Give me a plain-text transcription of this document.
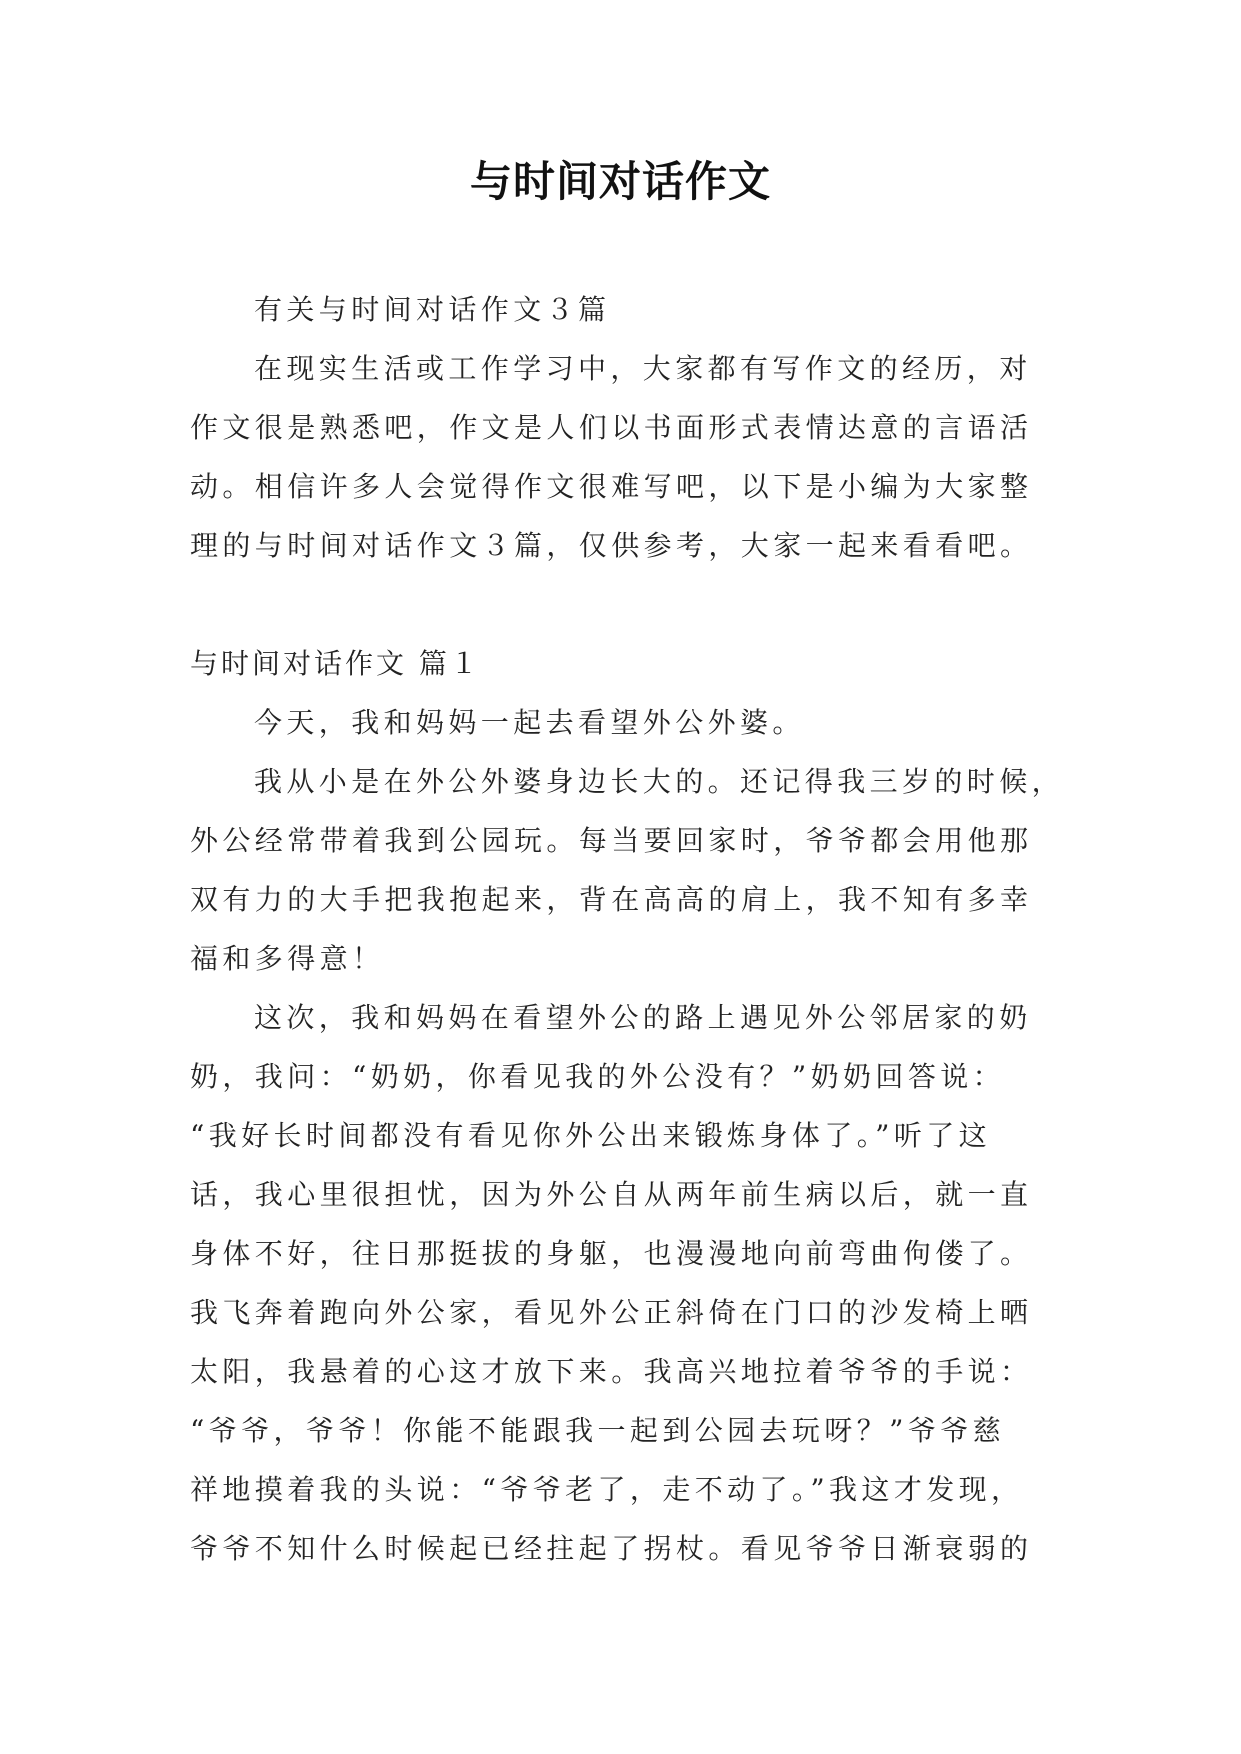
与时间对话作文

有关与时间对话作文３篇

在现实生活或工作学习中，大家都有写作文的经历，对
作文很是熟悉吧，作文是人们以书面形式表情达意的言语活
动。相信许多人会觉得作文很难写吧，以下是小编为大家整
理的与时间对话作文３篇，仅供参考，大家一起来看看吧。

与时间对话作文 篇１

今天，我和妈妈一起去看望外公外婆。

我从小是在外公外婆身边长大的。还记得我三岁的时候，
外公经常带着我到公园玩。每当要回家时，爷爷都会用他那
双有力的大手把我抱起来，背在高高的肩上，我不知有多幸
福和多得意！

这次，我和妈妈在看望外公的路上遇见外公邻居家的奶
奶，我问：“奶奶，你看见我的外公没有？”奶奶回答说：
“我好长时间都没有看见你外公出来锻炼身体了。”听了这
话，我心里很担忧，因为外公自从两年前生病以后，就一直
身体不好，往日那挺拔的身躯，也漫漫地向前弯曲佝偻了。
我飞奔着跑向外公家，看见外公正斜倚在门口的沙发椅上晒
太阳，我悬着的心这才放下来。我高兴地拉着爷爷的手说：
“爷爷，爷爷！你能不能跟我一起到公园去玩呀？”爷爷慈
祥地摸着我的头说：“爷爷老了，走不动了。”我这才发现，
爷爷不知什么时候起已经拄起了拐杖。看见爷爷日渐衰弱的
